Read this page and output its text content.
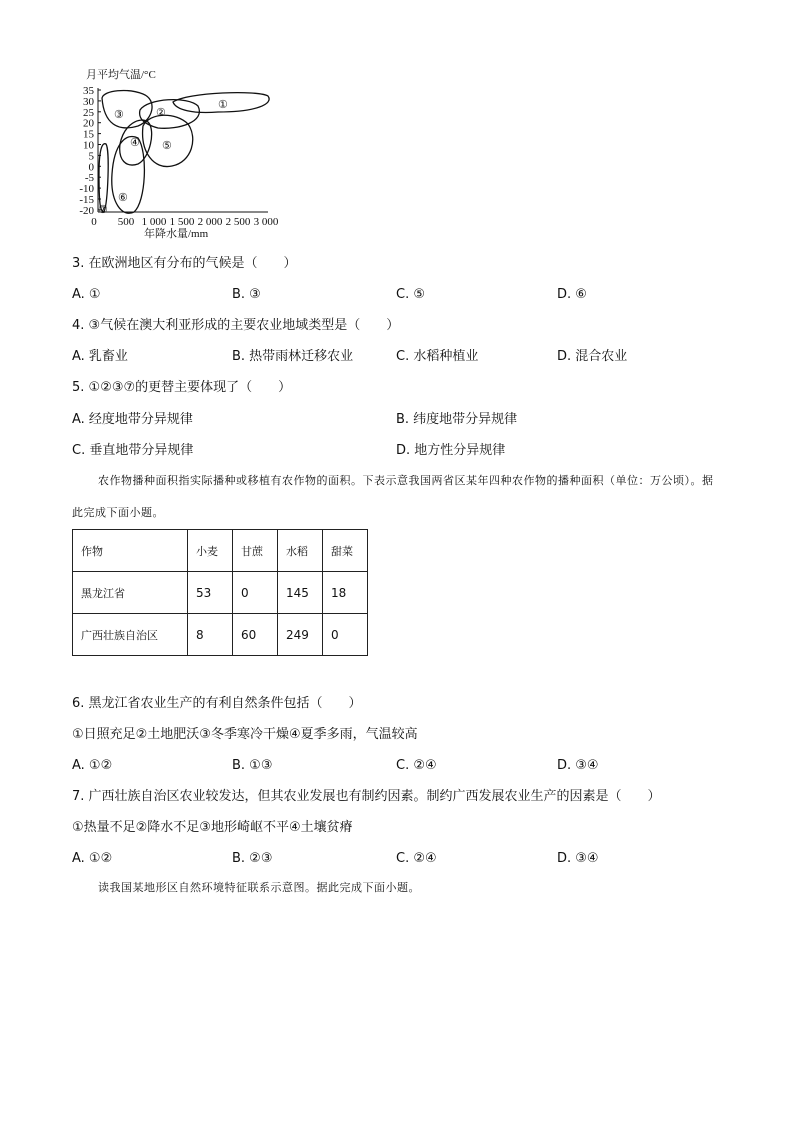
月平均气温/°C
35
30
25
20
15
10
5
0
-5
-10
-15
-20
0 500 1 000 1 500 2 000 2 500 3 000
①
②
③
④ ⑤
⑥
⑦
年降水量/mm
3. 在欧洲地区有分布的气候是（　　）
A. ①	B. ③	C. ⑤	D. ⑥
4. ③气候在澳大利亚形成的主要农业地域类型是（　　）
A. 乳畜业	B. 热带雨林迁移农业	C. 水稻种植业	D. 混合农业
5. ①②③⑦的更替主要体现了（　　）
A. 经度地带分异规律	B. 纬度地带分异规律
C. 垂直地带分异规律	D. 地方性分异规律
农作物播种面积指实际播种或移植有农作物的面积。下表示意我国两省区某年四种农作物的播种面积（单位：万公顷）。据此完成下面小题。
作物	小麦	甘蔗	水稻	甜菜
黑龙江省	53	0	145	18
广西壮族自治区	8	60	249	0
6. 黑龙江省农业生产的有利自然条件包括（　　）
①日照充足②土地肥沃③冬季寒冷干燥④夏季多雨，气温较高
A. ①②	B. ①③	C. ②④	D. ③④
7. 广西壮族自治区农业较发达，但其农业发展也有制约因素。制约广西发展农业生产的因素是（　　）
①热量不足②降水不足③地形崎岖不平④土壤贫瘠
A. ①②	B. ②③	C. ②④	D. ③④
读我国某地形区自然环境特征联系示意图。据此完成下面小题。
